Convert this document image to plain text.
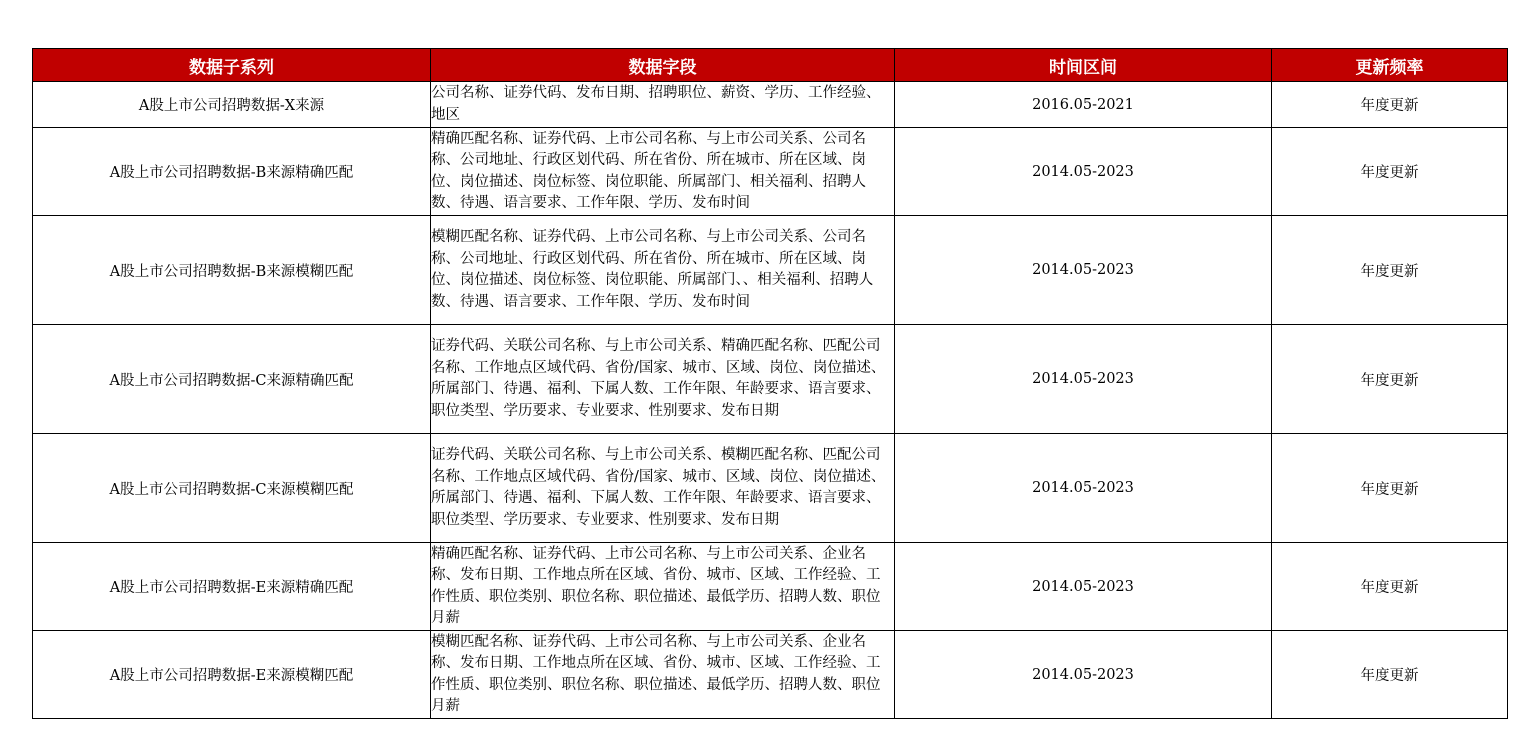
数据子系列	数据字段	时间区间	更新频率
A股上市公司招聘数据-X来源	公司名称、证券代码、发布日期、招聘职位、薪资、学历、工作经验、地区	2016.05-2021	年度更新
A股上市公司招聘数据-B来源精确匹配	精确匹配名称、证券代码、上市公司名称、与上市公司关系、公司名称、公司地址、行政区划代码、所在省份、所在城市、所在区域、岗位、岗位描述、岗位标签、岗位职能、所属部门、相关福利、招聘人数、待遇、语言要求、工作年限、学历、发布时间	2014.05-2023	年度更新
A股上市公司招聘数据-B来源模糊匹配	模糊匹配名称、证券代码、上市公司名称、与上市公司关系、公司名称、公司地址、行政区划代码、所在省份、所在城市、所在区域、岗位、岗位描述、岗位标签、岗位职能、所属部门、、相关福利、招聘人数、待遇、语言要求、工作年限、学历、发布时间	2014.05-2023	年度更新
A股上市公司招聘数据-C来源精确匹配	证券代码、关联公司名称、与上市公司关系、精确匹配名称、匹配公司名称、工作地点区域代码、省份/国家、城市、区域、岗位、岗位描述、所属部门、待遇、福利、下属人数、工作年限、年龄要求、语言要求、职位类型、学历要求、专业要求、性别要求、发布日期	2014.05-2023	年度更新
A股上市公司招聘数据-C来源模糊匹配	证券代码、关联公司名称、与上市公司关系、模糊匹配名称、匹配公司名称、工作地点区域代码、省份/国家、城市、区域、岗位、岗位描述、所属部门、待遇、福利、下属人数、工作年限、年龄要求、语言要求、职位类型、学历要求、专业要求、性别要求、发布日期	2014.05-2023	年度更新
A股上市公司招聘数据-E来源精确匹配	精确匹配名称、证券代码、上市公司名称、与上市公司关系、企业名称、发布日期、工作地点所在区域、省份、城市、区域、工作经验、工作性质、职位类别、职位名称、职位描述、最低学历、招聘人数、职位月薪	2014.05-2023	年度更新
A股上市公司招聘数据-E来源模糊匹配	模糊匹配名称、证券代码、上市公司名称、与上市公司关系、企业名称、发布日期、工作地点所在区域、省份、城市、区域、工作经验、工作性质、职位类别、职位名称、职位描述、最低学历、招聘人数、职位月薪	2014.05-2023	年度更新
